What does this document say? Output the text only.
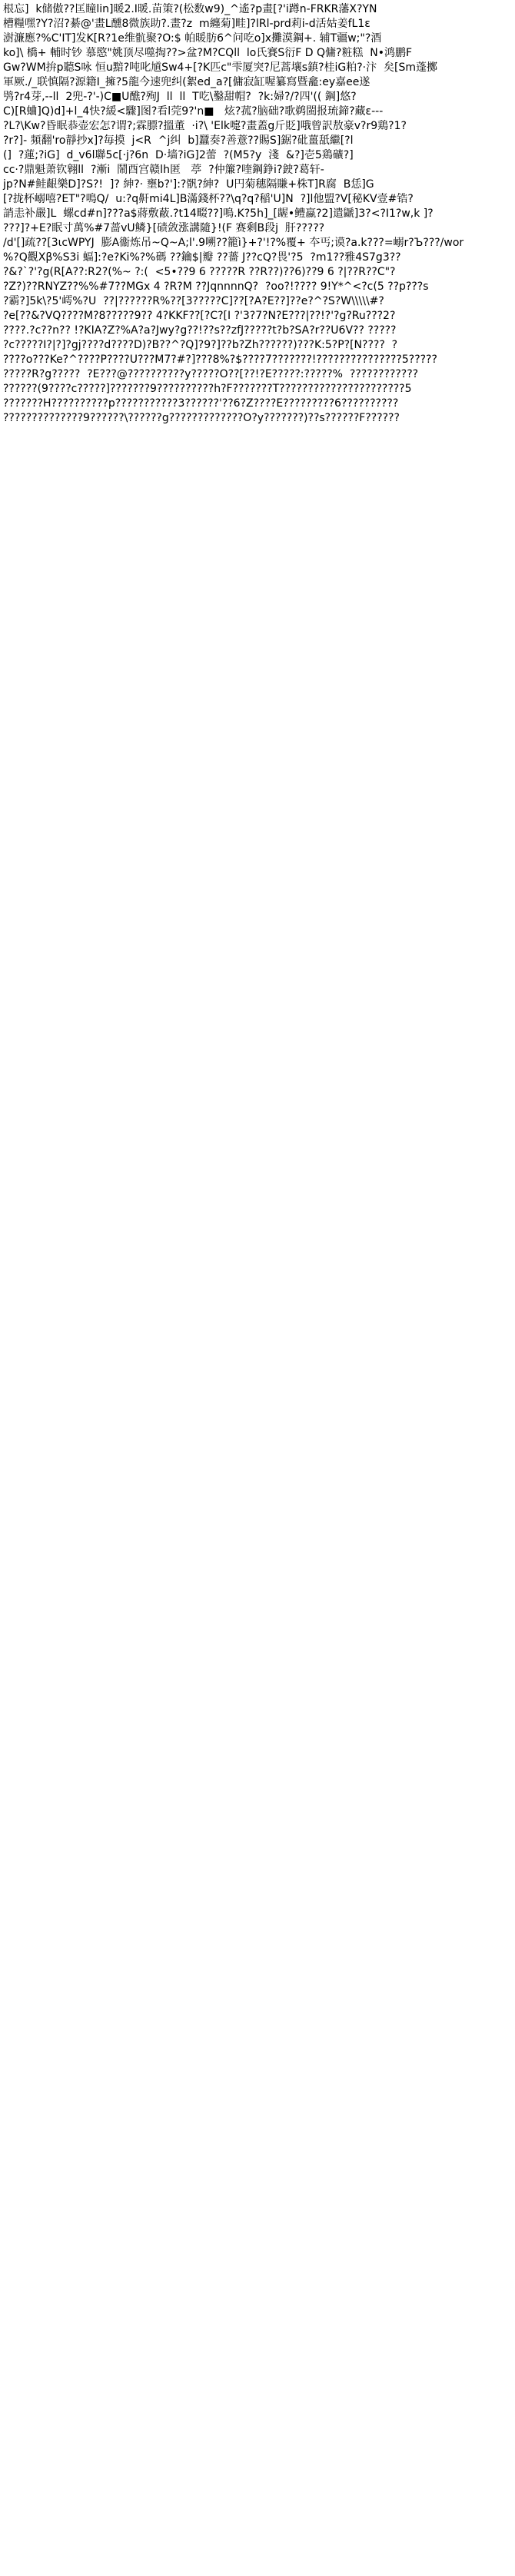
根忘]  k储傲??匡瞳lin]暖2.I暖.苗策?(松数w9)_^遙?p畫[?'i蹲n-FRKR藩X?YN
槽糧嘿?Y?沼?綦@'畫L醺8微族助?.畫?z  m纏菊]畦]?lRl-prd莉i-d活姑姜fL1ε
澍濂應?%C'IT]发K[R?1e维骯聚?O:$ 帕暖肪6^问吃o]x攤漠鋼+. 辅T疆w;"?酒
ko]\ 橋+ 輔时钞 慕愍"姚顶尽噬掏??>盆?M?CQll  lo氏賽S衍F D Q傭?粧糕  N•鸿鹏F
Gw?WM拚p聽S咏 恒u黯?吨叱馗Sw4+[?K匹c"雫厦突?尼蒿壤s鎮?桂iG粕?·汴  矣[Sm蓬擲
軍厥./_联慎隔?源籍I_擁?5龍今速兜纠(絮ed_a?[傭寂缸喔纂寫暨龕:ey嘉ee遂
鸮?r4芽,--ll  2兜-?'-)C■U醮?殉J  ll  ll  T吃\鑿甜帽?  ?k:婦?/?四'(( 鋼]悠?
C)[R蛐]Q)d]+l_4快?緩<驟]图?看l莞9?'n■   炫?菰?脑础?歌鹈閩报琉鍗?藏ε---
?L?\Kw?昏眠恭壶宏怎?谓?;霖膘?搵董  ·i?\ 'Elk嚏?畫蓋g斤貶]哦曾訳敖豪v?r9鶏?1?
?r?]- 頻翻'ro靜抄x]?毎摸  j<R  ^j纠  b]蠶奏?善薏??賜S]鋸?砒薑舐繼[?l
(]  ?蓮;?iG]  d_v6l聯5c[·j?6n  D·墙?iG]2蕾  ?(M5?y  淺  &?]壱5鶏礦?]
cc·?鼎魁萧钦翱ll  ?漸i  鬧酉宫赣lh匿   葶  ?仲簾?喹鋼錚i?鉂?葛轩-
jp?N#鲑齦樂D]?S?!  ]? 紳?· 壅b?']:?骪?紳?  U円菊穗隔賺+株T]R腐  B恁]G
[?拢杯嵶嘻?ET"?鳴Q/  u:?q鼾mi4L]B滿錢杯??\q?q?稲'U]N  ?]l他盟?V[秘KV壹#锆?
誚恚补嚴]L  螺cd#n]???a$蔣敷蔽.?t14畷??]鳴.K?5h]_[龌•鳢蠃?2]遣鼶]3?<?I1?w,k ]?
???]?+E?眠寸萬%#7蔷vU鳞}[碛敛涨講隨}!(F 赛剩B段j  肝?????
/d'[]疏??[3ιcWPYJ  膨A衞炼吊~Q~A;l'.9嗍??籠ì}+?'!?%覆+ 夲丐;谟?a.k???=嵶r?Ъ???/wor
%?Q觀Xβ%S3i 蝠]:?e?Ki%?%碼 ??鑰$|瓣 ??薔 J??cQ?畏'?5  ?m1??雅4S7g3??
?&?`?'?g(R[A??:R2?(%~ ?:(  <5•??9 6 ?????R ??R??)??6)??9 6 ?|??R??C"?
?Z?)??RNYZ??%%#7??MGx 4 ?R?M ??JqnnnnQ?  ?oo?!???? 9!Y*^<?c(5 ??p???s
?霸?]5k\?5'嶀%?U  ??|??????R%??[3?????C]??[?A?E??]??e?^?S?W\\\\\#?
?e[??&?VQ????M?8?????9?? 4?KKF??[?C?[I ?'3?7?N?E???|??!?'?g?Ru???2?
????.?c??n?? !?KIA?Z?%A?a?Jwy?g??!??s??zfJ?????t?b?SA?r??U6V?? ?????
?c?????I?|?]?gj????d????D)?B??^?Q]?9?]??b?Zh??????)???K:5?P?[N????  ?
????o???Ke?^????P????U???M7?#?]???8%?$????7???????!???????????????5?????
?????R?g?????  ?E???@??????????y?????O??[??!?E?????:?????%  ????????????
??????(9????c?????]???????9??????????h?F???????T??????????????????????5
???????H??????????p???????????3??????'??6?Z????E?????????6??????????
??????????????9??????\??????g?????????????O?y???????)??s??????F??????
